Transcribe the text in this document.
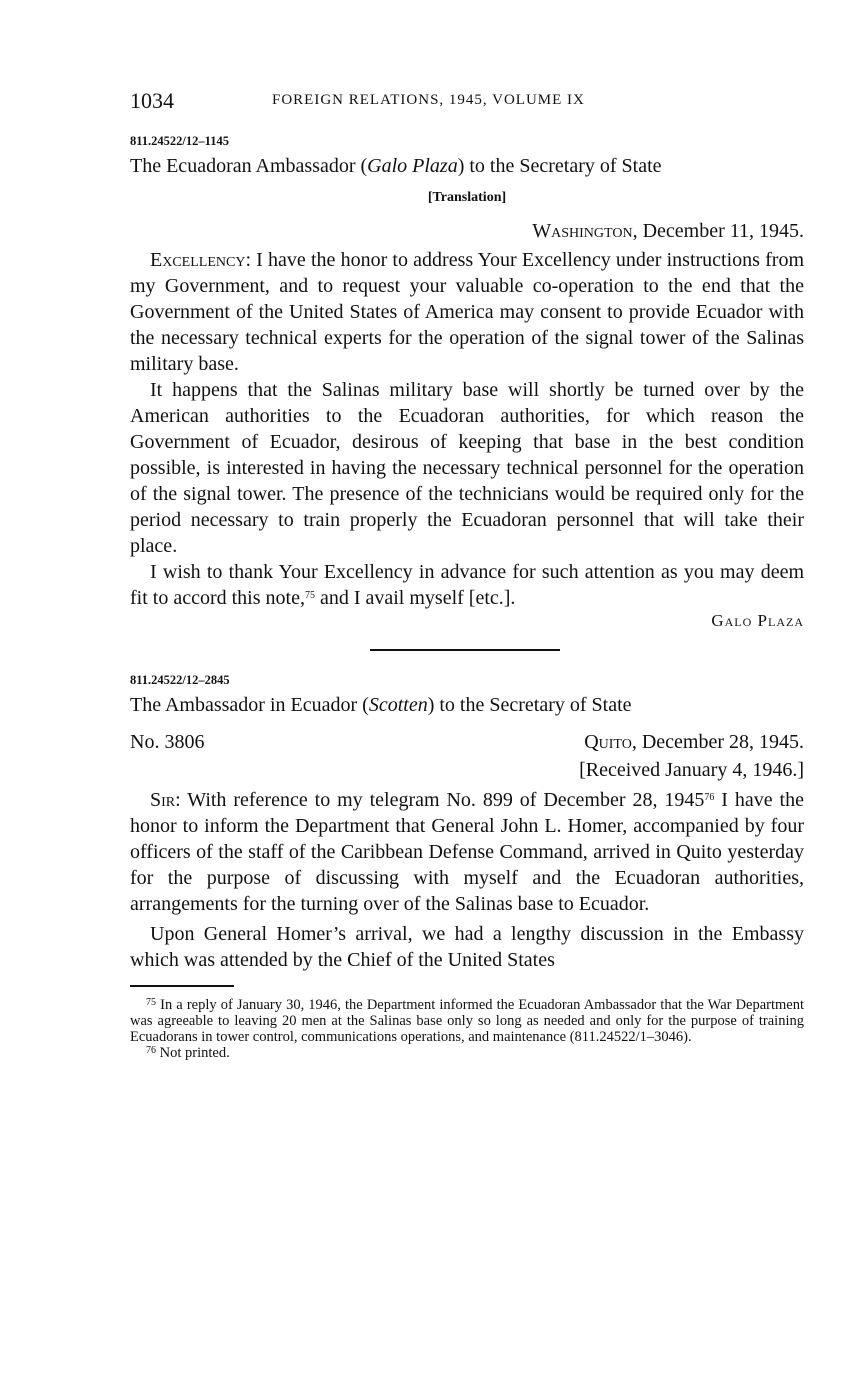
1034	FOREIGN RELATIONS, 1945, VOLUME IX
811.24522/12–1145
The Ecuadoran Ambassador (Galo Plaza) to the Secretary of State
[Translation]
Washington, December 11, 1945.

Excellency: I have the honor to address Your Excellency under instructions from my Government, and to request your valuable co-operation to the end that the Government of the United States of America may consent to provide Ecuador with the necessary technical experts for the operation of the signal tower of the Salinas military base.

It happens that the Salinas military base will shortly be turned over by the American authorities to the Ecuadoran authorities, for which reason the Government of Ecuador, desirous of keeping that base in the best condition possible, is interested in having the necessary technical personnel for the operation of the signal tower. The presence of the technicians would be required only for the period necessary to train properly the Ecuadoran personnel that will take their place.

I wish to thank Your Excellency in advance for such attention as you may deem fit to accord this note,$^{75}$ and I avail myself [etc.].

Galo Plaza
811.24522/12–2845
The Ambassador in Ecuador (Scotten) to the Secretary of State
No. 3806	Quito, December 28, 1945.
[Received January 4, 1946.]

Sir: With reference to my telegram No. 899 of December 28, 1945$^{76}$ I have the honor to inform the Department that General John L. Homer, accompanied by four officers of the staff of the Caribbean Defense Command, arrived in Quito yesterday for the purpose of discussing with myself and the Ecuadoran authorities, arrangements for the turning over of the Salinas base to Ecuador.

Upon General Homer’s arrival, we had a lengthy discussion in the Embassy which was attended by the Chief of the United States

$^{75}$ In a reply of January 30, 1946, the Department informed the Ecuadoran Ambassador that the War Department was agreeable to leaving 20 men at the Salinas base only so long as needed and only for the purpose of training Ecuadorans in tower control, communications operations, and maintenance (811.24522/1–3046).

$^{76}$ Not printed.
